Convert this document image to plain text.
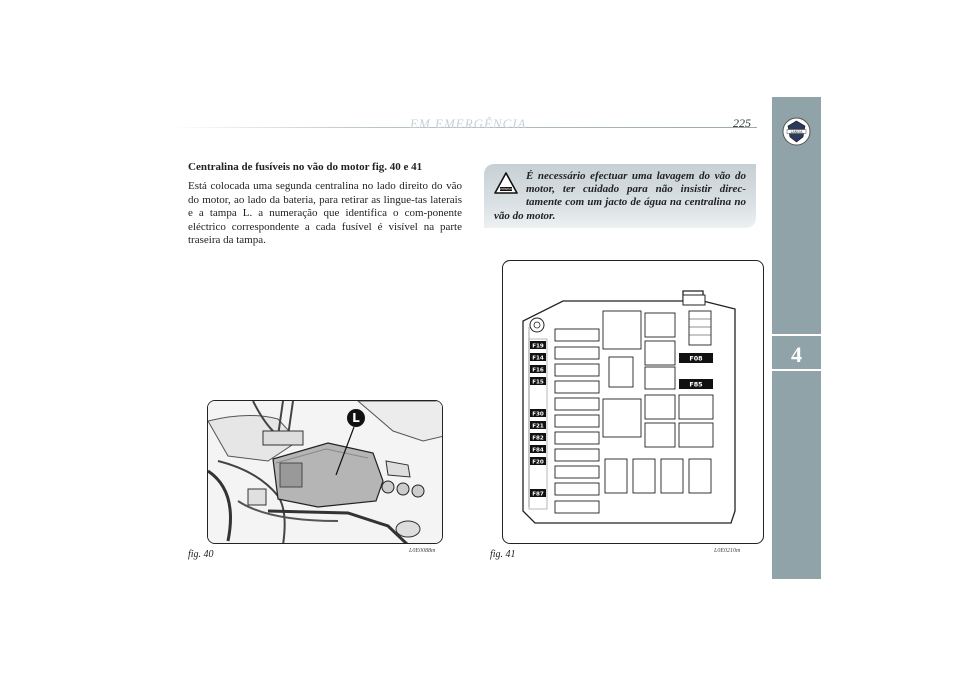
EM EMERGÊNCIA	225
LANCIA
4
Centralina de fusíveis no vão do motor fig. 40 e 41
Está colocada uma segunda centralina no lado direito do vão do motor, ao lado da bateria, para retirar as lingue-tas laterais e a tampa L. a numeração que identifica o com-ponente eléctrico correspondente a cada fusível é visível na parte traseira da tampa.
ATTENTION
É necessário efectuar uma lavagem do vão do motor, ter cuidado para não insistir direc-tamente com um jacto de água na centralina no vão do motor.
L
fig. 40	L0E0088m
F19
F14
F16
F15
F30
F21
F82
F84
F20
F87
F08
F85
fig. 41	L0E0210m
